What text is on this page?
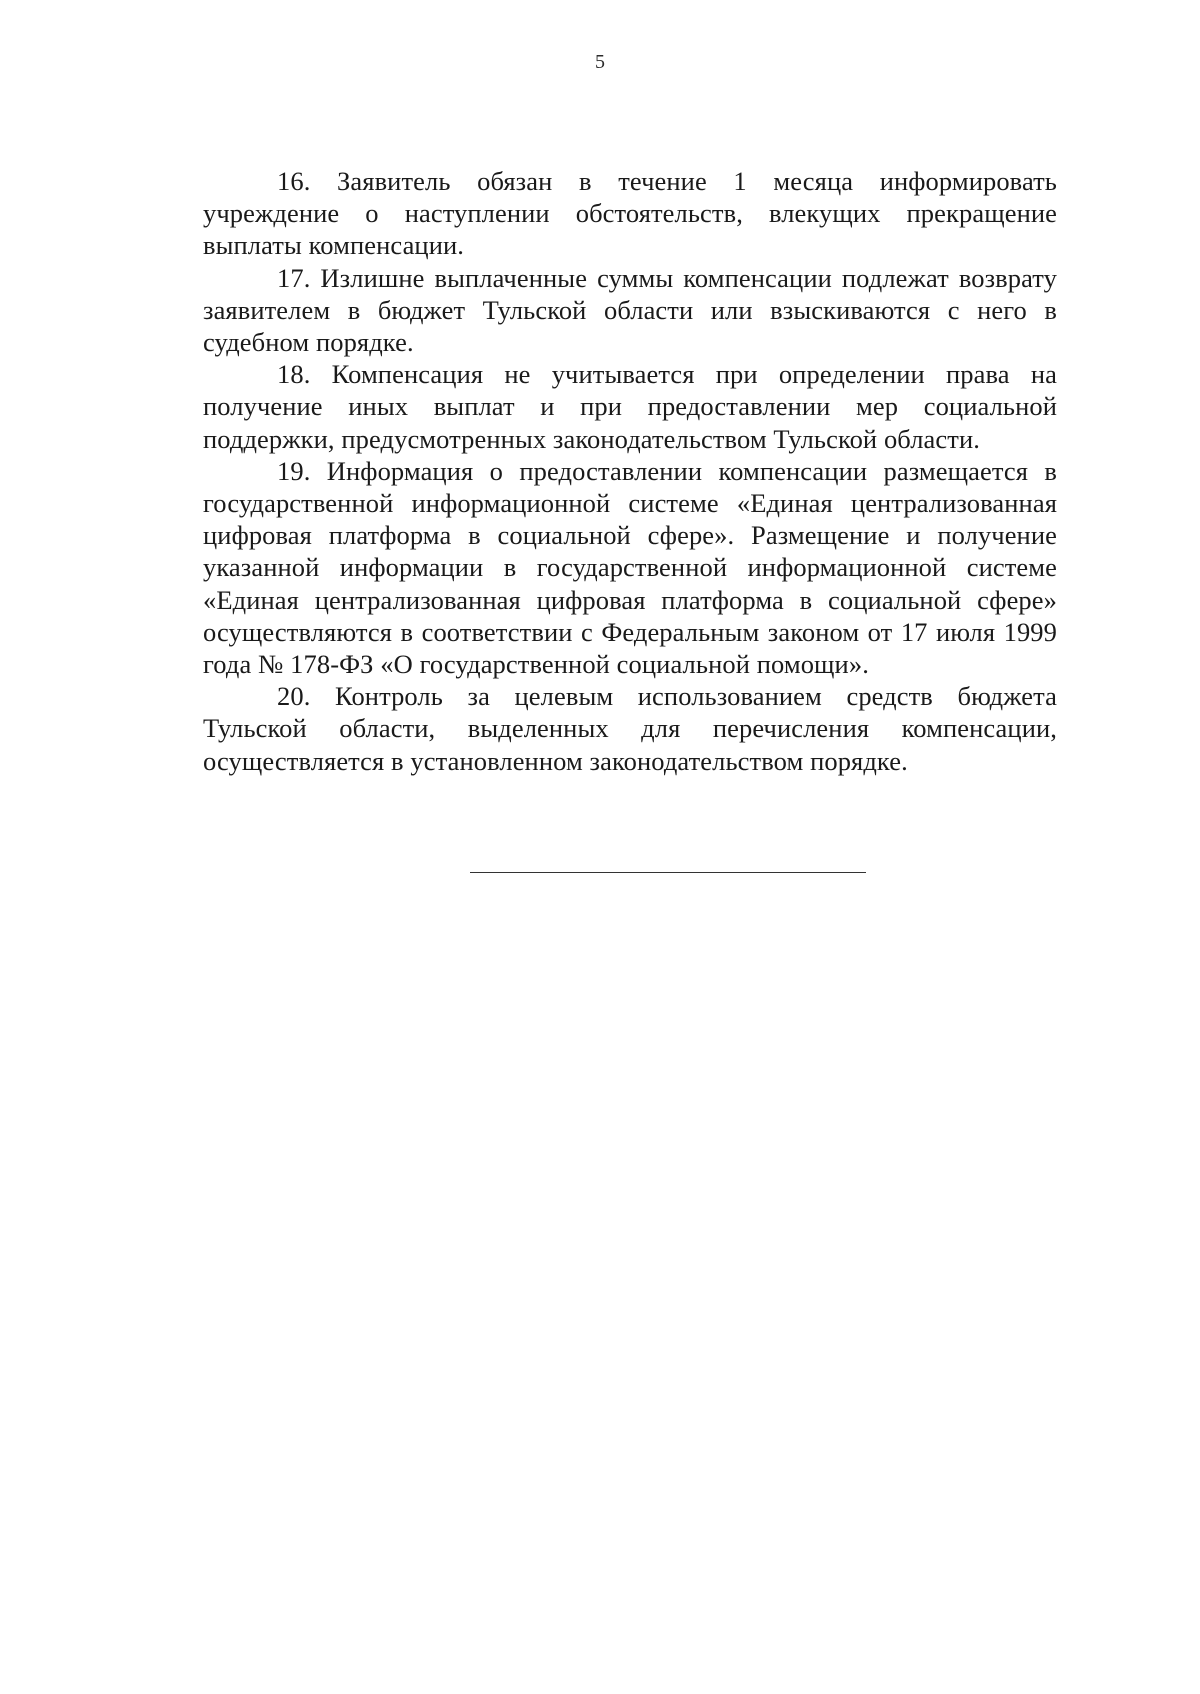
5

16. Заявитель обязан в течение 1 месяца информировать учреждение о наступлении обстоятельств, влекущих прекращение выплаты компенсации.

17. Излишне выплаченные суммы компенсации подлежат возврату заявителем в бюджет Тульской области или взыскиваются с него в судебном порядке.

18. Компенсация не учитывается при определении права на получение иных выплат и при предоставлении мер социальной поддержки, предусмотренных законодательством Тульской области.

19. Информация о предоставлении компенсации размещается в государственной информационной системе «Единая централизованная цифровая платформа в социальной сфере». Размещение и получение указанной информации в государственной информационной системе «Единая централизованная цифровая платформа в социальной сфере» осуществляются в соответствии с Федеральным законом от 17 июля 1999 года № 178-ФЗ «О государственной социальной помощи».

20. Контроль за целевым использованием средств бюджета Тульской области, выделенных для перечисления компенсации, осуществляется в установленном законодательством порядке.
